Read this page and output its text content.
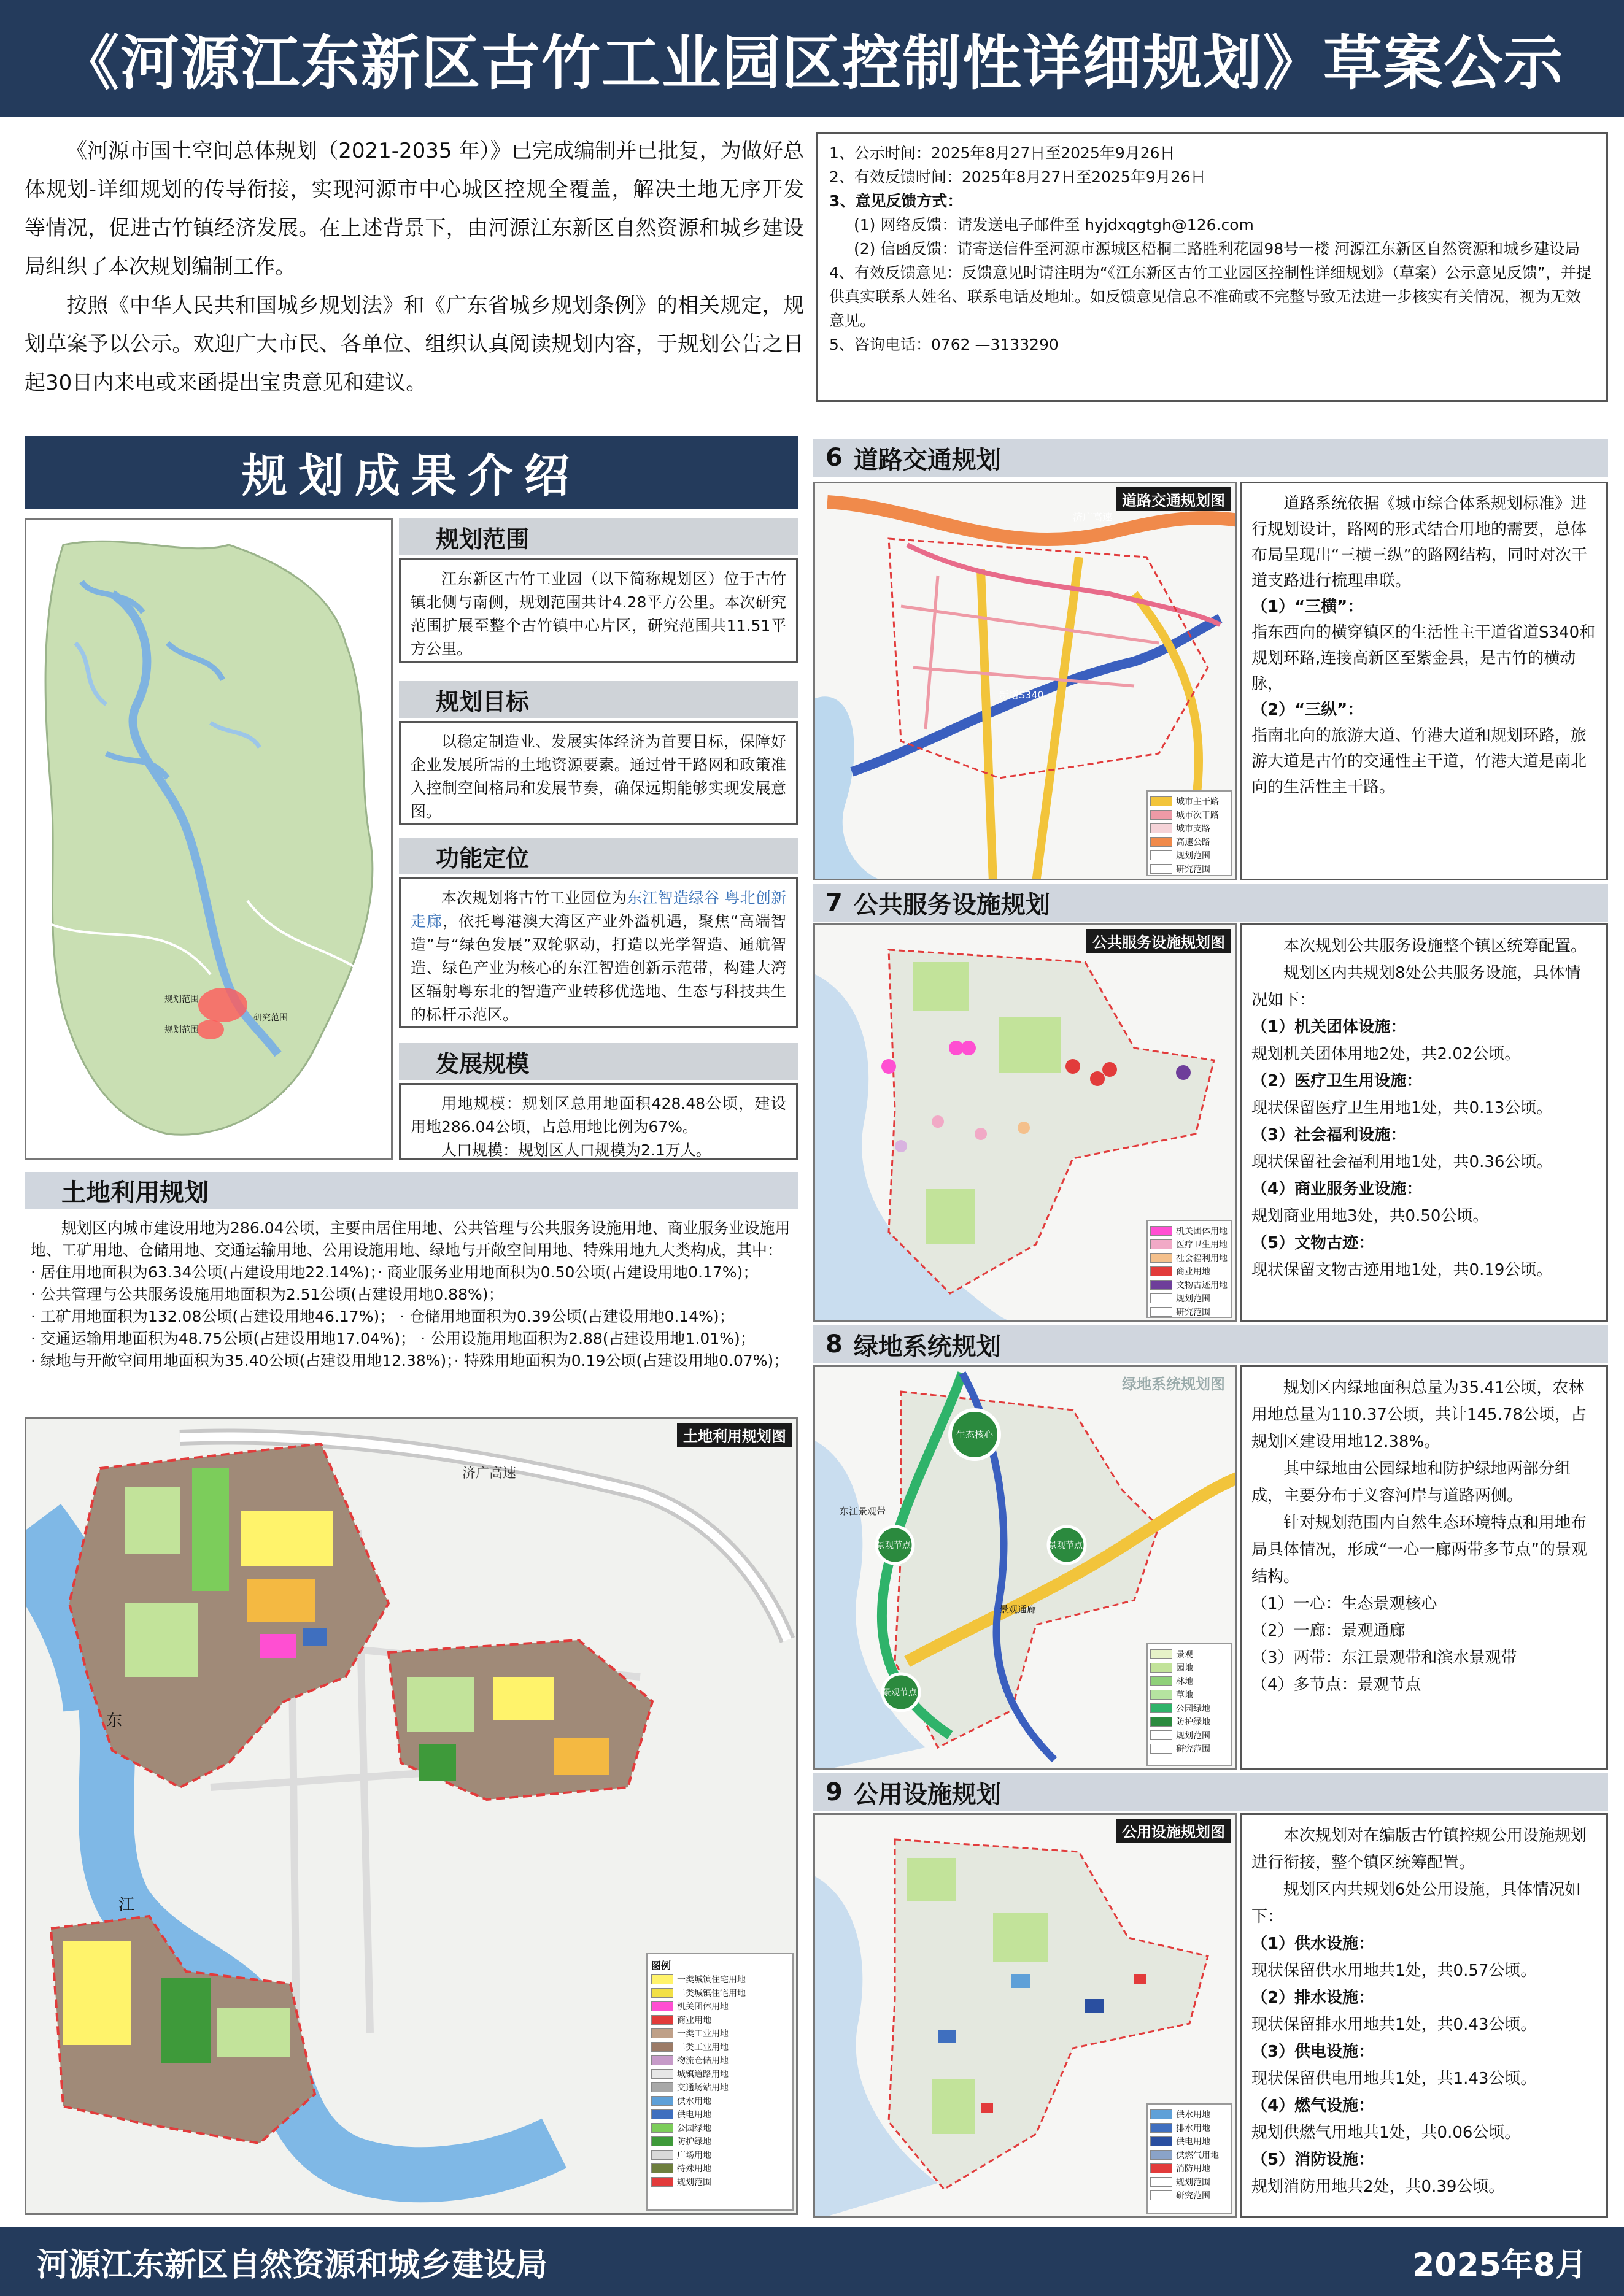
《河源江东新区古竹工业园区控制性详细规划》草案公示

《河源市国土空间总体规划（2021-2035 年）》已完成编制并已批复，为做好总体规划-详细规划的传导衔接，实现河源市中心城区控规全覆盖，解决土地无序开发等情况，促进古竹镇经济发展。在上述背景下，由河源江东新区自然资源和城乡建设局组织了本次规划编制工作。

按照《中华人民共和国城乡规划法》和《广东省城乡规划条例》的相关规定，规划草案予以公示。欢迎广大市民、各单位、组织认真阅读规划内容，于规划公告之日起30日内来电或来函提出宝贵意见和建议。

1、公示时间：2025年8月27日至2025年9月26日
2、有效反馈时间：2025年8月27日至2025年9月26日
3、意见反馈方式：
(1) 网络反馈：请发送电子邮件至 hyjdxqgtgh@126.com
(2) 信函反馈：请寄送信件至河源市源城区梧桐二路胜利花园98号一楼 河源江东新区自然资源和城乡建设局
4、有效反馈意见：反馈意见时请注明为“《江东新区古竹工业园区控制性详细规划》（草案）公示意见反馈”，并提供真实联系人姓名、联系电话及地址。如反馈意见信息不准确或不完整导致无法进一步核实有关情况，视为无效意见。
5、咨询电话：0762 —3133290
规划成果介绍
规划范围
研究范围
规划范围
规划范围

江东新区古竹工业园（以下简称规划区）位于古竹镇北侧与南侧，规划范围共计4.28平方公里。本次研究范围扩展至整个古竹镇中心片区，研究范围共11.51平方公里。

规划目标

以稳定制造业、发展实体经济为首要目标，保障好企业发展所需的土地资源要素。通过骨干路网和政策准入控制空间格局和发展节奏，确保远期能够实现发展意图。

功能定位

本次规划将古竹工业园位为东江智造绿谷 粤北创新走廊，依托粤港澳大湾区产业外溢机遇，聚焦“高端智造”与“绿色发展”双轮驱动，打造以光学智造、通航智造、绿色产业为核心的东江智造创新示范带，构建大湾区辐射粤东北的智造产业转移优选地、生态与科技共生的标杆示范区。

发展规模

用地规模：规划区总用地面积428.48公顷，建设用地286.04公顷，占总用地比例为67%。

人口规模：规划区人口规模为2.1万人。

土地利用规划
规划区内城市建设用地为286.04公顷，主要由居住用地、公共管理与公共服务设施用地、商业服务业设施用地、工矿用地、仓储用地、交通运输用地、公用设施用地、绿地与开敞空间用地、特殊用地九大类构成，其中：
· 居住用地面积为63.34公顷(占建设用地22.14%)；· 商业服务业用地面积为0.50公顷(占建设用地0.17%)；
· 公共管理与公共服务设施用地面积为2.51公顷(占建设用地0.88%)；
· 工矿用地面积为132.08公顷(占建设用地46.17%)； · 仓储用地面积为0.39公顷(占建设用地0.14%)；
· 交通运输用地面积为48.75公顷(占建设用地17.04%)； · 公用设施用地面积为2.88(占建设用地1.01%)；
· 绿地与开敞空间用地面积为35.40公顷(占建设用地12.38%)；· 特殊用地面积为0.19公顷(占建设用地0.07%)；
东
江
济广高速
土地利用规划图
图例
一类城镇住宅用地
二类城镇住宅用地
机关团体用地
商业用地
一类工业用地
二类工业用地
物流仓储用地
城镇道路用地
交通场站用地
供水用地
供电用地
公园绿地
防护绿地
广场用地
特殊用地
规划范围
6 道路交通规划
济广高速
新增S340
道路交通规划图
城市主干路
城市次干路
城市支路
高速公路
规划范围
研究范围
道路系统依据《城市综合体系规划标准》进行规划设计，路网的形式结合用地的需要，总体布局呈现出“三横三纵”的路网结构，同时对次干道支路进行梳理串联。
（1）“三横”：
指东西向的横穿镇区的生活性主干道省道S340和规划环路,连接高新区至紫金县，是古竹的横动脉，
（2）“三纵”：
指南北向的旅游大道、竹港大道和规划环路，旅游大道是古竹的交通性主干道，竹港大道是南北向的生活性主干路。
7 公共服务设施规划
公共服务设施规划图
机关团体用地
医疗卫生用地
社会福利用地
商业用地
文物古迹用地
规划范围
研究范围
本次规划公共服务设施整个镇区统筹配置。
规划区内共规划8处公共服务设施，具体情况如下：
（1）机关团体设施：
规划机关团体用地2处，共2.02公顷。
（2）医疗卫生用设施：
现状保留医疗卫生用地1处，共0.13公顷。
（3）社会福利设施：
现状保留社会福利用地1处，共0.36公顷。
（4）商业服务业设施：
规划商业用地3处，共0.50公顷。
（5）文物古迹：
现状保留文物古迹用地1处，共0.19公顷。
8 绿地系统规划
生态核心
景观节点	景观节点
景观节点
景观通廊
东江景观带
绿地系统规划图
景观
园地
林地
草地
公园绿地
防护绿地
规划范围
研究范围
规划区内绿地面积总量为35.41公顷，农林用地总量为110.37公顷，共计145.78公顷，占规划区建设用地12.38%。
其中绿地由公园绿地和防护绿地两部分组成，主要分布于义容河岸与道路两侧。
针对规划范围内自然生态环境特点和用地布局具体情况，形成“一心一廊两带多节点”的景观结构。
（1）一心：生态景观核心
（2）一廊：景观通廊
（3）两带：东江景观带和滨水景观带
（4）多节点：景观节点
9 公用设施规划
公用设施规划图
供水用地
排水用地
供电用地
供燃气用地
消防用地
规划范围
研究范围
本次规划对在编版古竹镇控规公用设施规划进行衔接，整个镇区统筹配置。
规划区内共规划6处公用设施，具体情况如下：
（1）供水设施：
现状保留供水用地共1处，共0.57公顷。
（2）排水设施：
现状保留排水用地共1处，共0.43公顷。
（3）供电设施：
现状保留供电用地共1处，共1.43公顷。
（4）燃气设施：
规划供燃气用地共1处，共0.06公顷。
（5）消防设施：
规划消防用地共2处，共0.39公顷。
河源江东新区自然资源和城乡建设局	2025年8月
